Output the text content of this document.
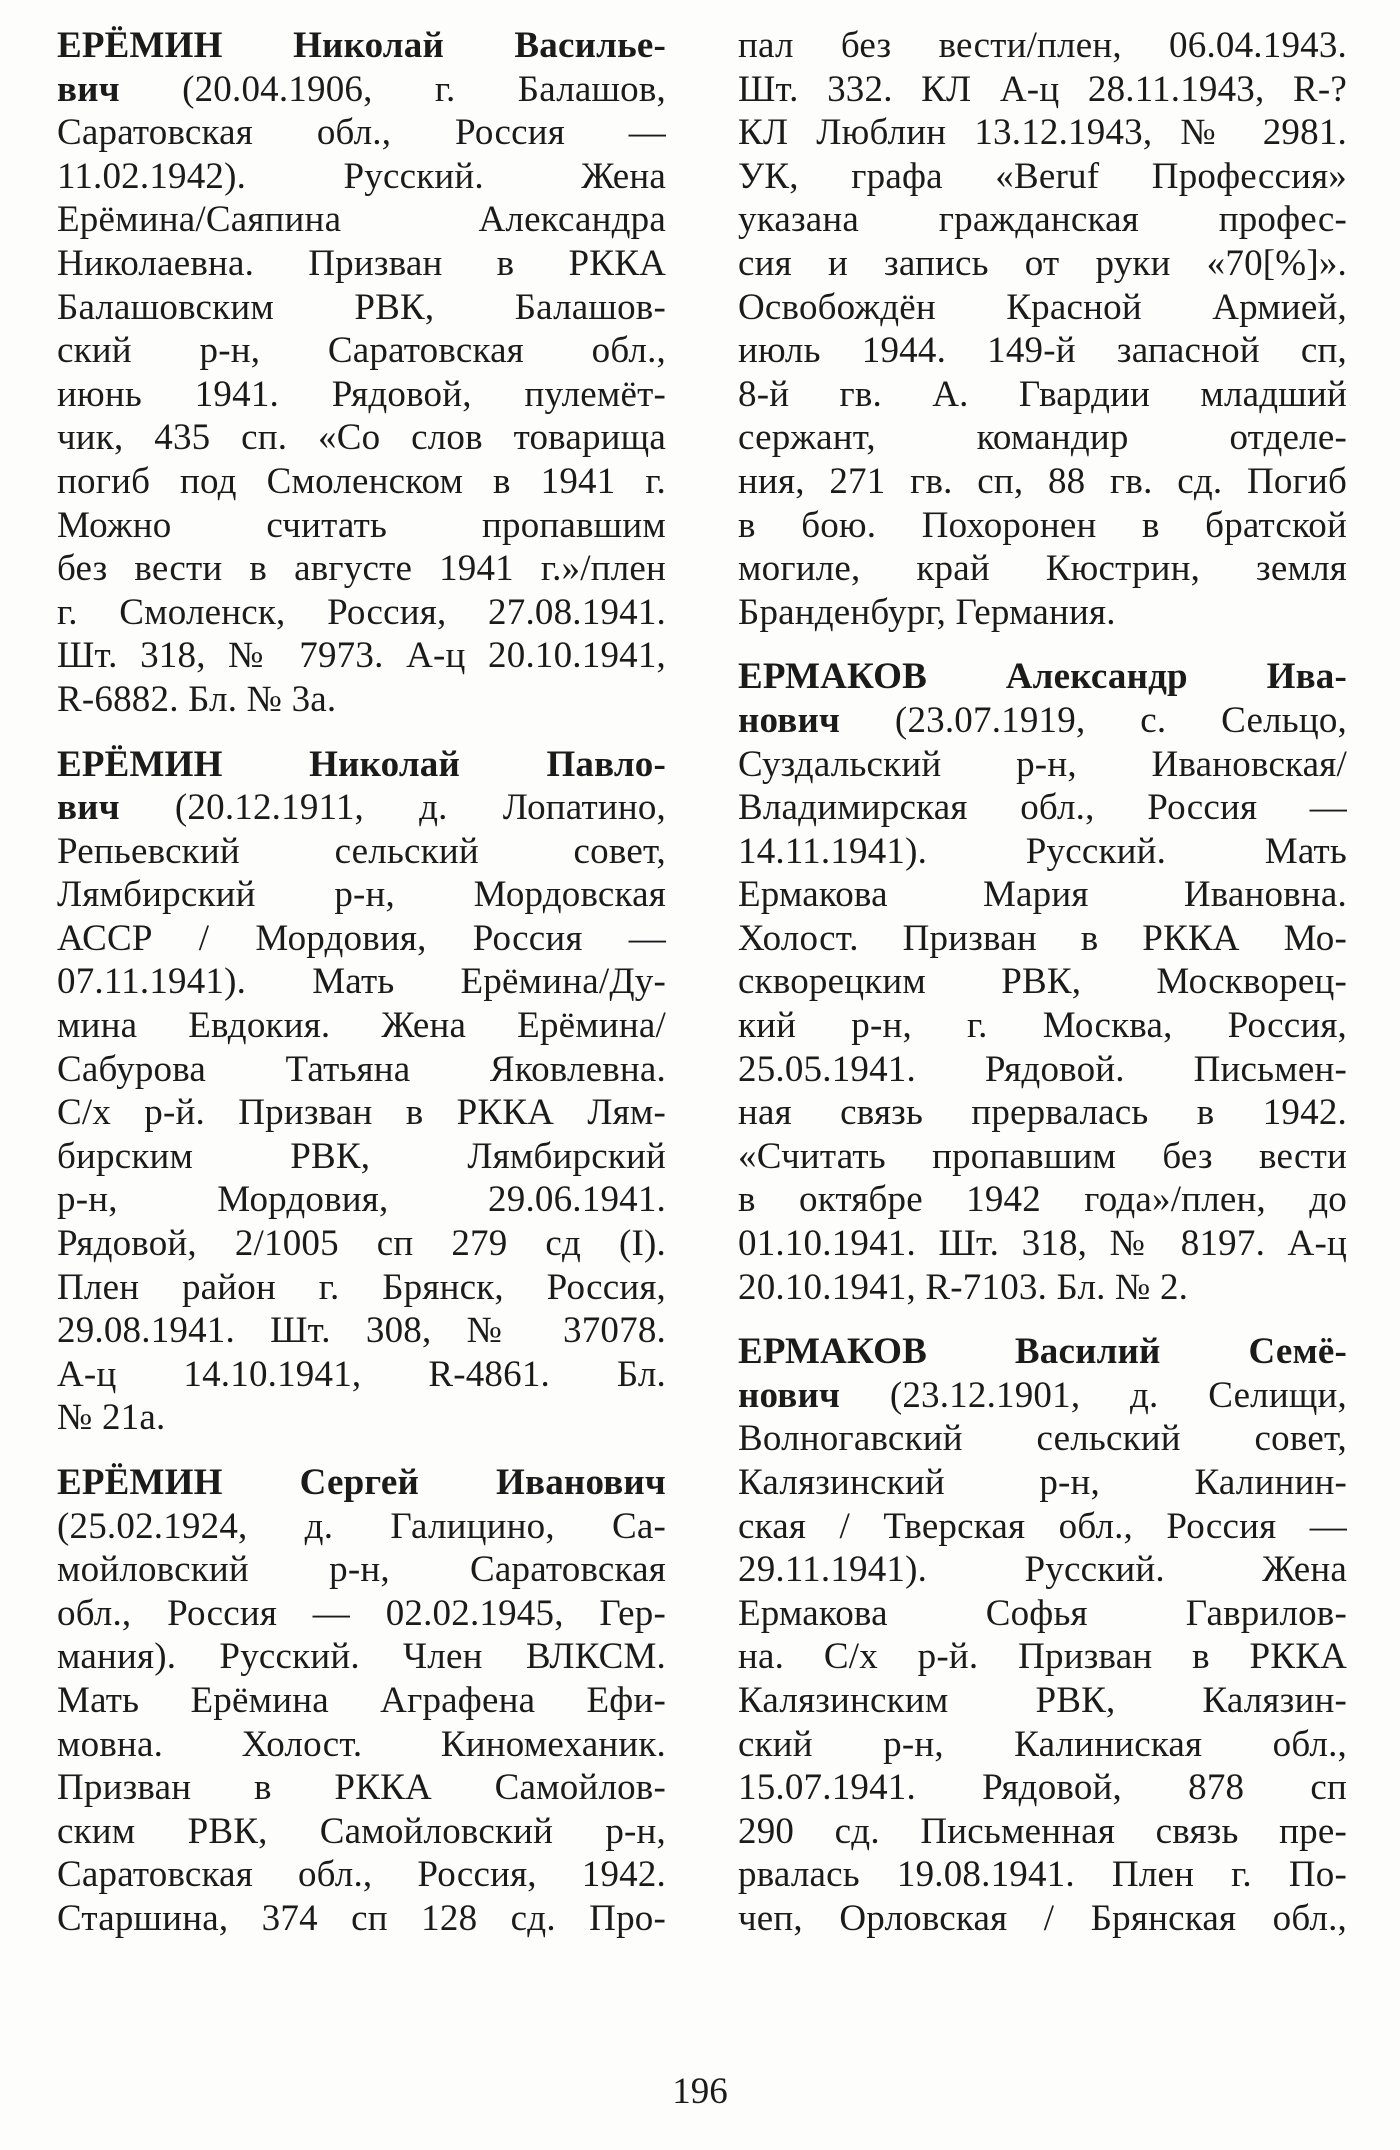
ЕРЁМИН Николай Василье-
вич (20.04.1906, г. Балашов,
Саратовская обл., Россия —
11.02.1942). Русский. Жена
Ерёмина/Саяпина Александра
Николаевна. Призван в РККА
Балашовским РВК, Балашов-
ский р-н, Саратовская обл.,
июнь 1941. Рядовой, пулемёт-
чик, 435 сп. «Со слов товарища
погиб под Смоленском в 1941 г.
Можно считать пропавшим
без вести в августе 1941 г.»/плен
г. Смоленск, Россия, 27.08.1941.
Шт. 318, № 7973. А-ц 20.10.1941,
R-6882. Бл. № 3а.
ЕРЁМИН Николай Павло-
вич (20.12.1911, д. Лопатино,
Репьевский сельский совет,
Лямбирский р-н, Мордовская
АССР / Мордовия, Россия —
07.11.1941). Мать Ерёмина/Ду-
мина Евдокия. Жена Ерёмина/
Сабурова Татьяна Яковлевна.
С/х р-й. Призван в РККА Лям-
бирским РВК, Лямбирский
р-н, Мордовия, 29.06.1941.
Рядовой, 2/1005 сп 279 сд (I).
Плен район г. Брянск, Россия,
29.08.1941. Шт. 308, № 37078.
А-ц 14.10.1941, R-4861. Бл.
№ 21а.
ЕРЁМИН Сергей Иванович
(25.02.1924, д. Галицино, Са-
мойловский р-н, Саратовская
обл., Россия — 02.02.1945, Гер-
мания). Русский. Член ВЛКСМ.
Мать Ерёмина Аграфена Ефи-
мовна. Холост. Киномеханик.
Призван в РККА Самойлов-
ским РВК, Самойловский р-н,
Саратовская обл., Россия, 1942.
Старшина, 374 сп 128 сд. Про-
пал без вести/плен, 06.04.1943.
Шт. 332. КЛ А-ц 28.11.1943, R-?
КЛ Люблин 13.12.1943, № 2981.
УК, графа «Beruf Профессия»
указана гражданская профес-
сия и запись от руки «70[%]».
Освобождён Красной Армией,
июль 1944. 149-й запасной сп,
8-й гв. А. Гвардии младший
сержант, командир отделе-
ния, 271 гв. сп, 88 гв. сд. Погиб
в бою. Похоронен в братской
могиле, край Кюстрин, земля
Бранденбург, Германия.
ЕРМАКОВ Александр Ива-
нович (23.07.1919, с. Сельцо,
Суздальский р-н, Ивановская/
Владимирская обл., Россия —
14.11.1941). Русский. Мать
Ермакова Мария Ивановна.
Холост. Призван в РККА Мо-
скворецким РВК, Москворец-
кий р-н, г. Москва, Россия,
25.05.1941. Рядовой. Письмен-
ная связь прервалась в 1942.
«Считать пропавшим без вести
в октябре 1942 года»/плен, до
01.10.1941. Шт. 318, № 8197. А-ц
20.10.1941, R-7103. Бл. № 2.
ЕРМАКОВ Василий Семё-
нович (23.12.1901, д. Селищи,
Волногавский сельский совет,
Калязинский р-н, Калинин-
ская / Тверская обл., Россия —
29.11.1941). Русский. Жена
Ермакова Софья Гаврилов-
на. С/х р-й. Призван в РККА
Калязинским РВК, Калязин-
ский р-н, Калиниская обл.,
15.07.1941. Рядовой, 878 сп
290 сд. Письменная связь пре-
рвалась 19.08.1941. Плен г. По-
чеп, Орловская / Брянская обл.,
196
